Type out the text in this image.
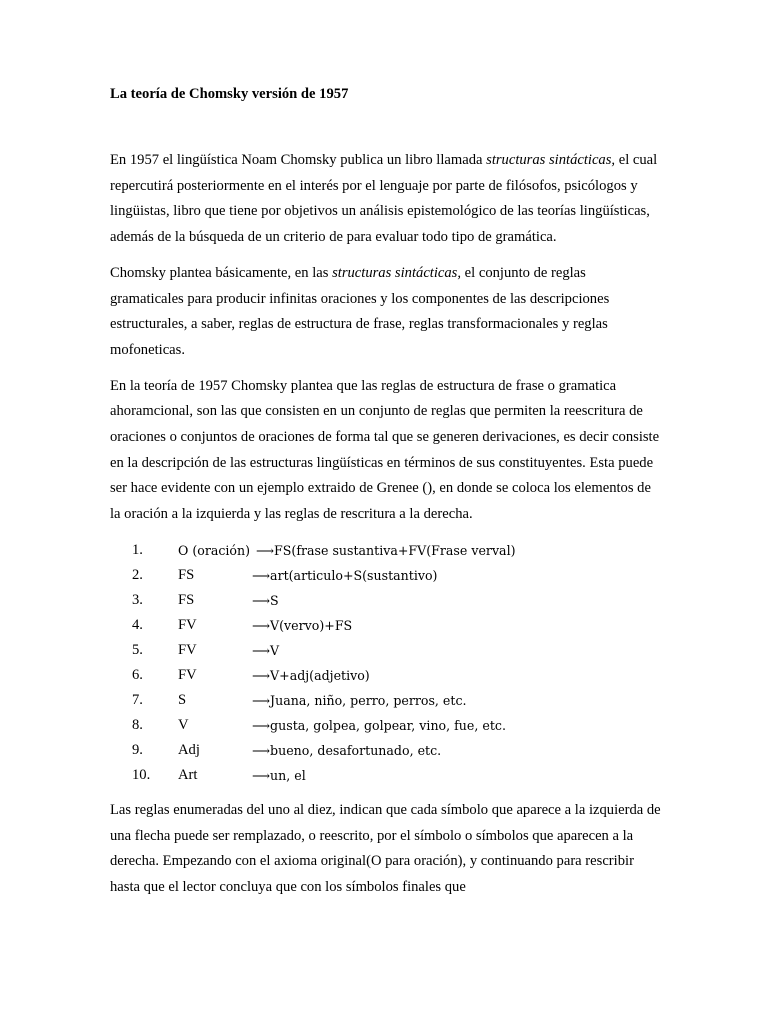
La teoría de Chomsky versión de 1957

En 1957 el lingüística Noam Chomsky publica un libro llamada structuras sintácticas, el cual repercutirá posteriormente en el interés por el lenguaje por parte de filósofos, psicólogos y lingüistas, libro que tiene por objetivos un análisis epistemológico de las teorías lingüísticas, además de la búsqueda de un criterio de para evaluar todo tipo de gramática.

Chomsky plantea básicamente, en las structuras sintácticas, el conjunto de reglas gramaticales para producir infinitas oraciones y los componentes de las descripciones estructurales, a saber, reglas de estructura de frase, reglas transformacionales y reglas mofoneticas.

En la teoría de 1957 Chomsky plantea que las reglas de estructura de frase o gramatica ahoramcional, son las que consisten en un conjunto de reglas que permiten la reescritura de oraciones o conjuntos de oraciones de forma tal que se generen derivaciones, es decir consiste en la descripción de las estructuras lingüísticas en términos de sus constituyentes. Esta puede ser hace evidente con un ejemplo extraido de Grenee (), en donde se coloca los elementos de la oración a la izquierda y las reglas de rescritura a la derecha.

1.	O (oración) ⟶FS(frase sustantiva+FV(Frase verval)
2.	FS	⟶art(articulo+S(sustantivo)
3.	FS	⟶S
4.	FV	⟶V(vervo)+FS
5.	FV	⟶V
6.	FV	⟶V+adj(adjetivo)
7.	S	⟶Juana, niño, perro, perros, etc.
8.	V	⟶gusta, golpea, golpear, vino, fue, etc.
9.	Adj	⟶bueno, desafortunado, etc.
10.	Art	⟶un, el

Las reglas enumeradas del uno al diez, indican que cada símbolo que aparece a la izquierda de una flecha puede ser remplazado, o reescrito, por el símbolo o símbolos que aparecen a la derecha. Empezando con el axioma original(O para oración), y continuando para rescribir hasta que el lector concluya que con los símbolos finales que
